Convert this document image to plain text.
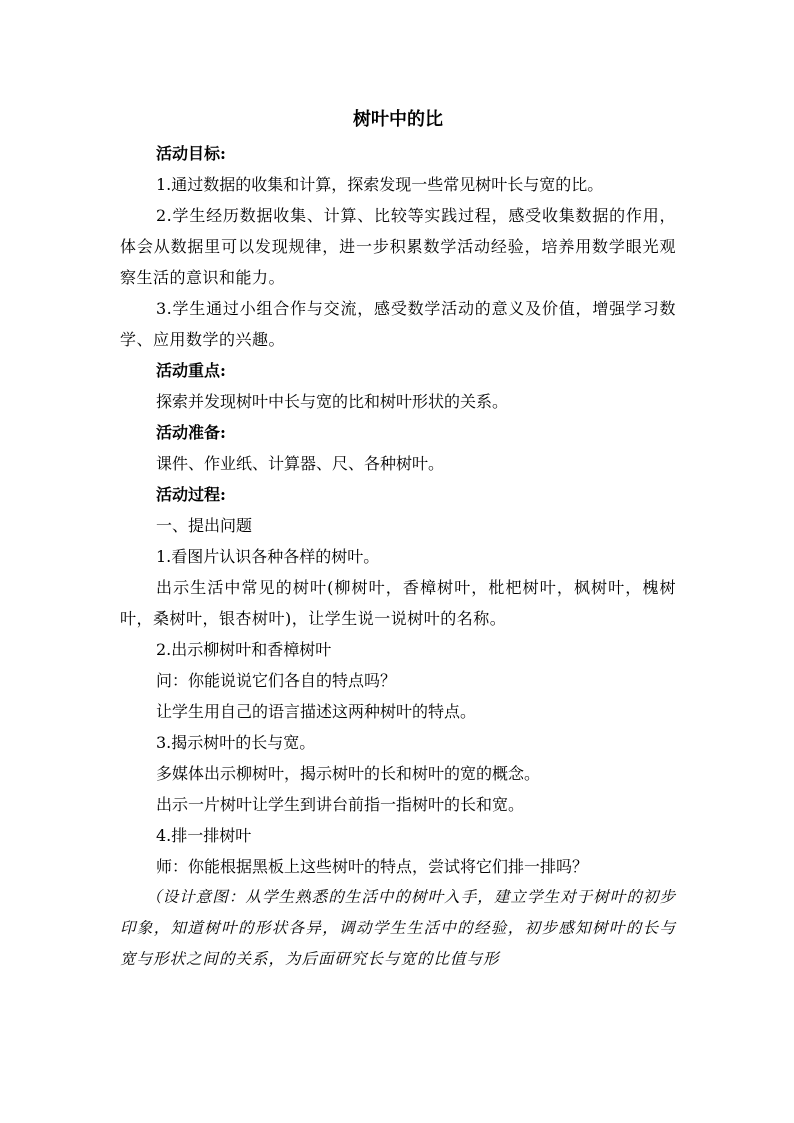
树叶中的比
活动目标:
1.通过数据的收集和计算，探索发现一些常见树叶长与宽的比。
2.学生经历数据收集、计算、比较等实践过程，感受收集数据的作用，体会从数据里可以发现规律，进一步积累数学活动经验，培养用数学眼光观察生活的意识和能力。
3.学生通过小组合作与交流，感受数学活动的意义及价值，增强学习数学、应用数学的兴趣。
活动重点:
探索并发现树叶中长与宽的比和树叶形状的关系。
活动准备:
课件、作业纸、计算器、尺、各种树叶。
活动过程:
一、提出问题
1.看图片认识各种各样的树叶。
出示生活中常见的树叶(柳树叶，香樟树叶，枇杷树叶，枫树叶，槐树叶，桑树叶，银杏树叶)，让学生说一说树叶的名称。
2.出示柳树叶和香樟树叶
问：你能说说它们各自的特点吗？
让学生用自己的语言描述这两种树叶的特点。
3.揭示树叶的长与宽。
多媒体出示柳树叶，揭示树叶的长和树叶的宽的概念。
出示一片树叶让学生到讲台前指一指树叶的长和宽。
4.排一排树叶
师：你能根据黑板上这些树叶的特点，尝试将它们排一排吗？
（设计意图：从学生熟悉的生活中的树叶入手，建立学生对于树叶的初步印象，知道树叶的形状各异，调动学生生活中的经验，初步感知树叶的长与宽与形状之间的关系，为后面研究长与宽的比值与形
